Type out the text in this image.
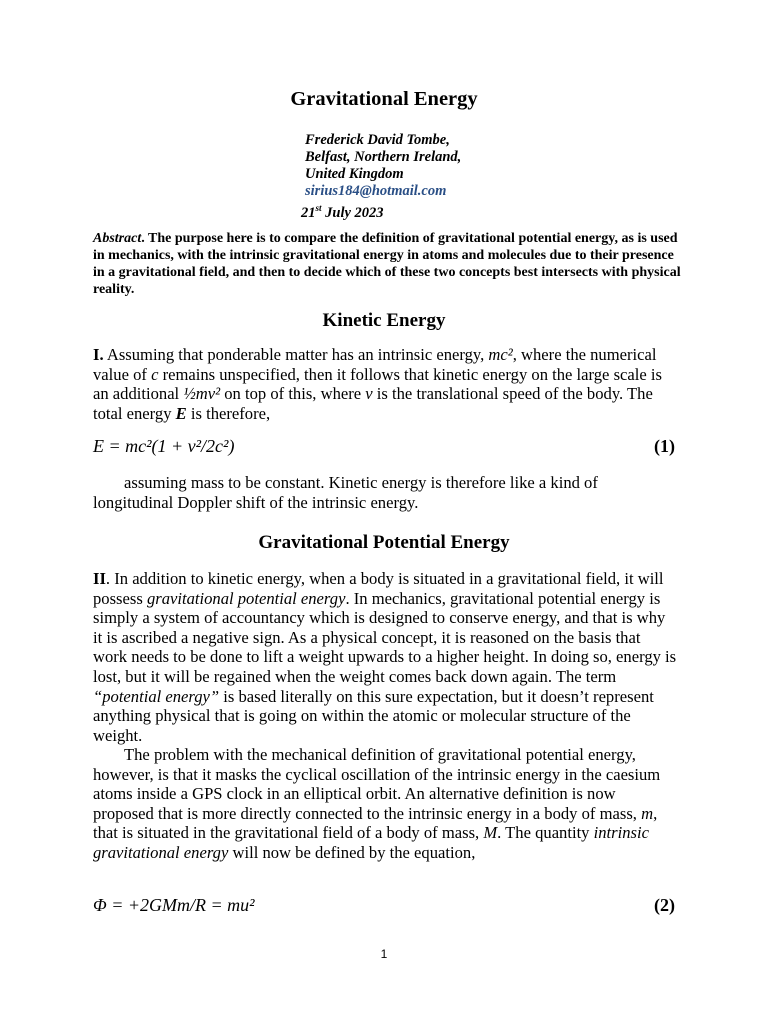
Gravitational Energy
Frederick David Tombe,
Belfast, Northern Ireland,
United Kingdom
sirius184@hotmail.com
21st July 2023

Abstract. The purpose here is to compare the definition of gravitational potential energy, as is used in mechanics, with the intrinsic gravitational energy in atoms and molecules due to their presence in a gravitational field, and then to decide which of these two concepts best intersects with physical reality.

Kinetic Energy

I. Assuming that ponderable matter has an intrinsic energy, mc², where the numerical value of c remains unspecified, then it follows that kinetic energy on the large scale is an additional ½mv² on top of this, where v is the translational speed of the body. The total energy E is therefore,

E = mc²(1 + v²/2c²)	(1)

assuming mass to be constant. Kinetic energy is therefore like a kind of longitudinal Doppler shift of the intrinsic energy.

Gravitational Potential Energy

II. In addition to kinetic energy, when a body is situated in a gravitational field, it will possess gravitational potential energy. In mechanics, gravitational potential energy is simply a system of accountancy which is designed to conserve energy, and that is why it is ascribed a negative sign. As a physical concept, it is reasoned on the basis that work needs to be done to lift a weight upwards to a higher height. In doing so, energy is lost, but it will be regained when the weight comes back down again. The term “potential energy” is based literally on this sure expectation, but it doesn’t represent anything physical that is going on within the atomic or molecular structure of the weight.

The problem with the mechanical definition of gravitational potential energy, however, is that it masks the cyclical oscillation of the intrinsic energy in the caesium atoms inside a GPS clock in an elliptical orbit. An alternative definition is now proposed that is more directly connected to the intrinsic energy in a body of mass, m, that is situated in the gravitational field of a body of mass, M. The quantity intrinsic gravitational energy will now be defined by the equation,

Φ = +2GMm/R = mu²	(2)
1
